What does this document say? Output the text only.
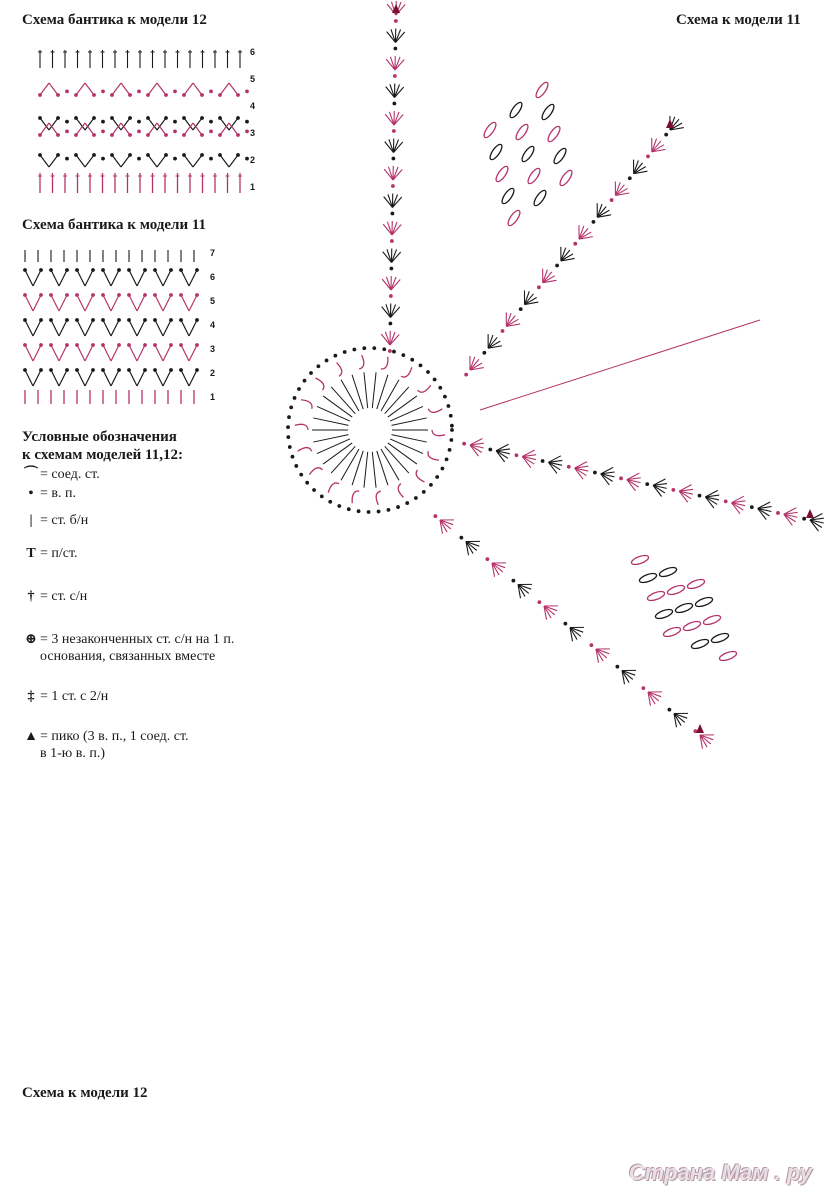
Схема бантика к модели 12	Схема к модели 11
Схема бантика к модели 11
Схема к модели 12
Условные обозначения
к схемам моделей 11,12:
⌒ = соед. ст.
• = в. п.
| = ст. б/н
T = п/ст.
† = ст. с/н
⊕ = 3 незаконченных ст. с/н на 1 п.
основания, связанных вместе
‡ = 1 ст. с 2/н
▲ = пико (3 в. п., 1 соед. ст.
в 1-ю в. п.)
1
2
3
4
5
6
1
2
3
4
5
6
7
Страна Мам . ру
